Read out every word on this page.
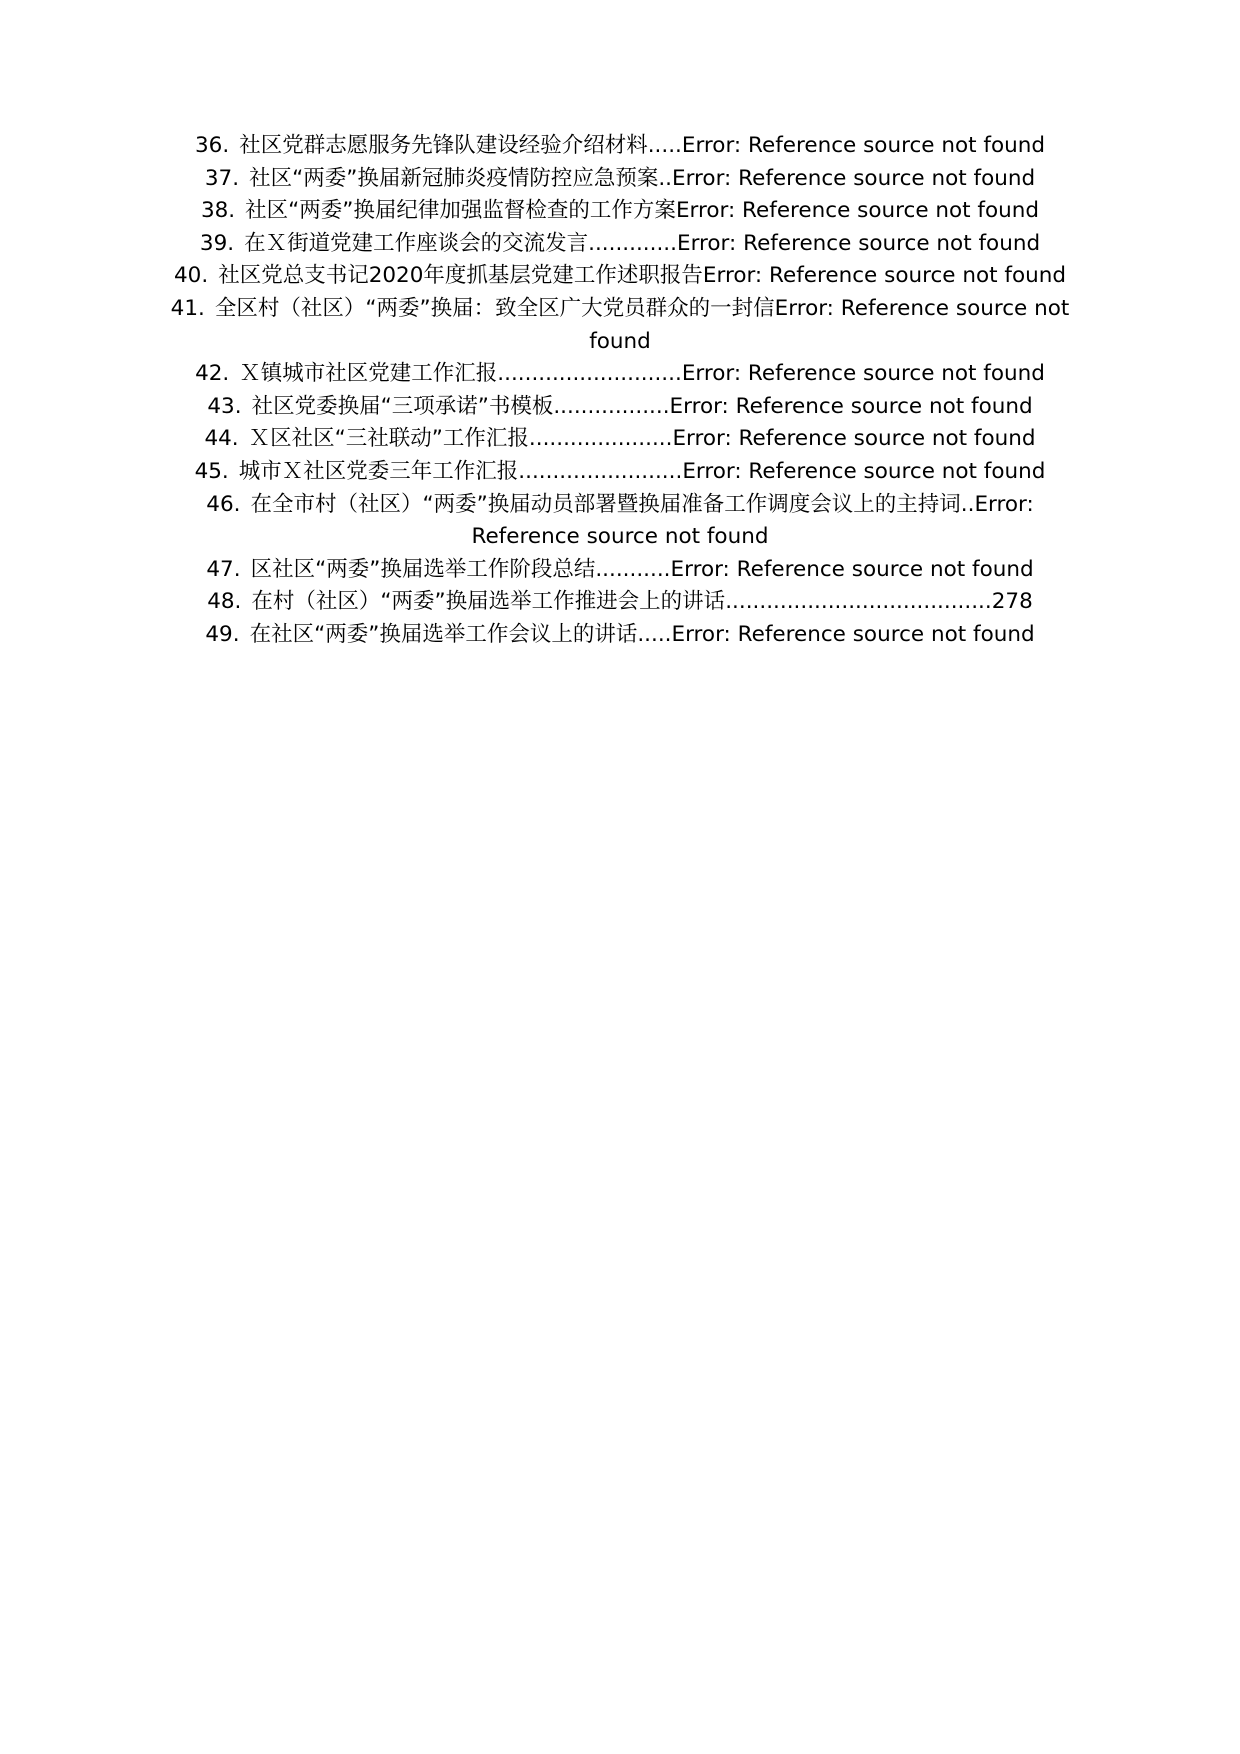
36. 社区党群志愿服务先锋队建设经验介绍材料.....Error: Reference source not found
37. 社区“两委”换届新冠肺炎疫情防控应急预案..Error: Reference source not found
38. 社区“两委”换届纪律加强监督检查的工作方案Error: Reference source not found
39. 在Ｘ街道党建工作座谈会的交流发言.............Error: Reference source not found
40. 社区党总支书记2020年度抓基层党建工作述职报告Error: Reference source not found
41. 全区村（社区）“两委”换届：致全区广大党员群众的一封信Error: Reference source not found
42. Ｘ镇城市社区党建工作汇报...........................Error: Reference source not found
43. 社区党委换届“三项承诺”书模板.................Error: Reference source not found
44. Ｘ区社区“三社联动”工作汇报.....................Error: Reference source not found
45. 城市Ｘ社区党委三年工作汇报........................Error: Reference source not found
46. 在全市村（社区）“两委”换届动员部署暨换届准备工作调度会议上的主持词..Error: Reference source not found
47. 区社区“两委”换届选举工作阶段总结...........Error: Reference source not found
48. 在村（社区）“两委”换届选举工作推进会上的讲话.......................................278
49. 在社区“两委”换届选举工作会议上的讲话.....Error: Reference source not found
